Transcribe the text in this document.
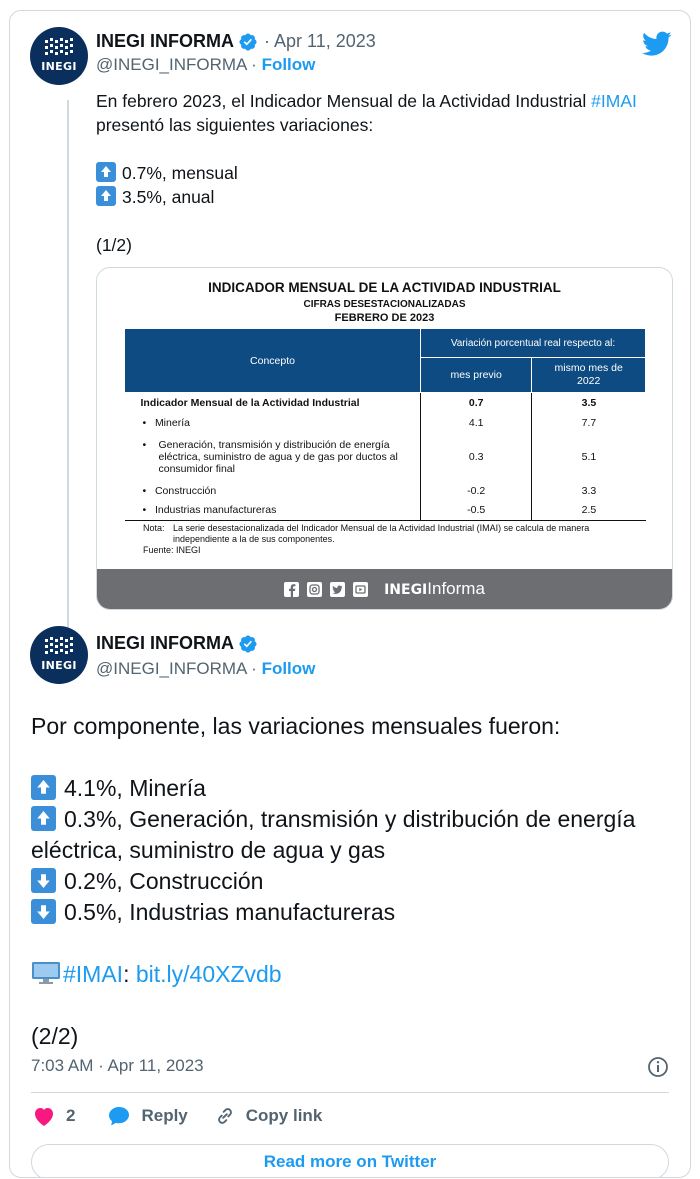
INEGI
INEGI INFORMA · Apr 11, 2023
@INEGI_INFORMA · Follow
En febrero 2023, el Indicador Mensual de la Actividad Industrial #IMAI
presentó las siguientes variaciones:

0.7%, mensual
3.5%, anual

(1/2)
INDICADOR MENSUAL DE LA ACTIVIDAD INDUSTRIAL
CIFRAS DESESTACIONALIZADAS
FEBRERO DE 2023
Concepto	Variación porcentual real respecto al:	
	mes previo	mismo mes de 2022
Indicador Mensual de la Actividad Industrial	0.7	3.5
•   Minería	4.1	7.7

• Generación, transmisión y distribución de energía eléctrica, suministro de agua y de gas por ductos al consumidor final	0.3	5.1
•   Construcción	-0.2	3.3
•   Industrias manufactureras	-0.5	2.5
Nota: La serie desestacionalizada del Indicador Mensual de la Actividad Industrial (IMAI) se calcula de manera independiente a la de sus componentes.
Fuente: INEGI
INEGIInforma
INEGI
INEGI INFORMA
@INEGI_INFORMA · Follow
Por componente, las variaciones mensuales fueron:

4.1%, Minería
0.3%, Generación, transmisión y distribución de energía eléctrica, suministro de agua y gas
0.2%, Construcción
0.5%, Industrias manufactureras

#IMAI: bit.ly/40XZvdb

(2/2)
7:03 AM · Apr 11, 2023
2	Reply	Copy link
Read more on Twitter
